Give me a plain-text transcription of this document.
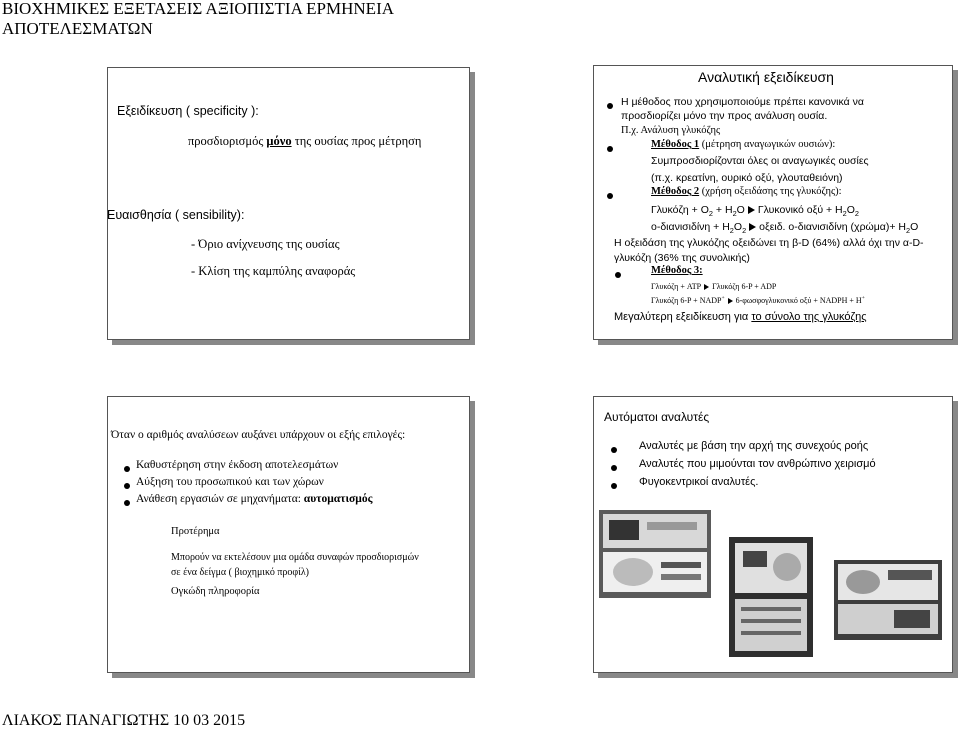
ΒΙΟΧΗΜΙΚΕΣ ΕΞΕΤΑΣΕΙΣ ΑΞΙΟΠΙΣΤΙΑ ΕΡΜΗΝΕΙΑ
ΑΠΟΤΕΛΕΣΜΑΤΩΝ
Εξειδίκευση ( specificity ):
προσδιορισμός μόνο της ουσίας προς μέτρηση
Ευαισθησία ( sensibility):
- Όριο ανίχνευσης της ουσίας
- Κλίση της καμπύλης αναφοράς
Αναλυτική εξειδίκευση
Η μέθοδος που χρησιμοποιούμε πρέπει κανονικά να
προσδιορίζει μόνο την προς ανάλυση ουσία.
Π.χ. Ανάλυση γλυκόζης
Μέθοδος 1 (μέτρηση αναγωγικών ουσιών):
Συμπροσδιορίζονται όλες οι αναγωγικές ουσίες
(π.χ. κρεατίνη, ουρικό οξύ, γλουταθειόνη)
Μέθοδος 2 (χρήση οξειδάσης της γλυκόζης):
$\Gamma\lambda\upsilon\kappa ό\zeta\eta + O_2 + H_2O$ Γλυκονικό $o\xi ύ + H_2O_2$
$o-\delta\iota\alpha\nu\iota\sigma\iota\delta ί\nu\eta + H_2O_2$ οξειδ. o-διανισιδίνη $(\chi\rho ώ\mu\alpha)+ H_2O$
Η οξειδάση της γλυκόζης οξειδώνει τη β-D (64%) αλλά όχι την α-D-
γλυκόζη (36% της συνολικής)
Μέθοδος 3:
Γλυκόζη + ATP Γλυκόζη 6-P + ADP
Γλυκόζη 6-P + NADP+ 6-φωσφογλυκονικό οξύ + NADPH + H+
Μεγαλύτερη εξειδίκευση για το σύνολο της γλυκόζης
Όταν ο αριθμός αναλύσεων αυξάνει υπάρχουν οι εξής επιλογές:
Καθυστέρηση στην έκδοση αποτελεσμάτων
Αύξηση του προσωπικού και των χώρων
Ανάθεση εργασιών σε μηχανήματα: αυτοματισμός
Προτέρημα
Μπορούν να εκτελέσουν μια ομάδα συναφών προσδιορισμών
σε ένα δείγμα ( βιοχημικό προφίλ)
Ογκώδη πληροφορία
Αυτόματοι αναλυτές
Αναλυτές με βάση την αρχή της συνεχούς ροής
Αναλυτές που μιμούνται τον ανθρώπινο χειρισμό
Φυγοκεντρικοί αναλυτές.
ΛΙΑΚΟΣ ΠΑΝΑΓΙΩΤΗΣ 10 03 2015
